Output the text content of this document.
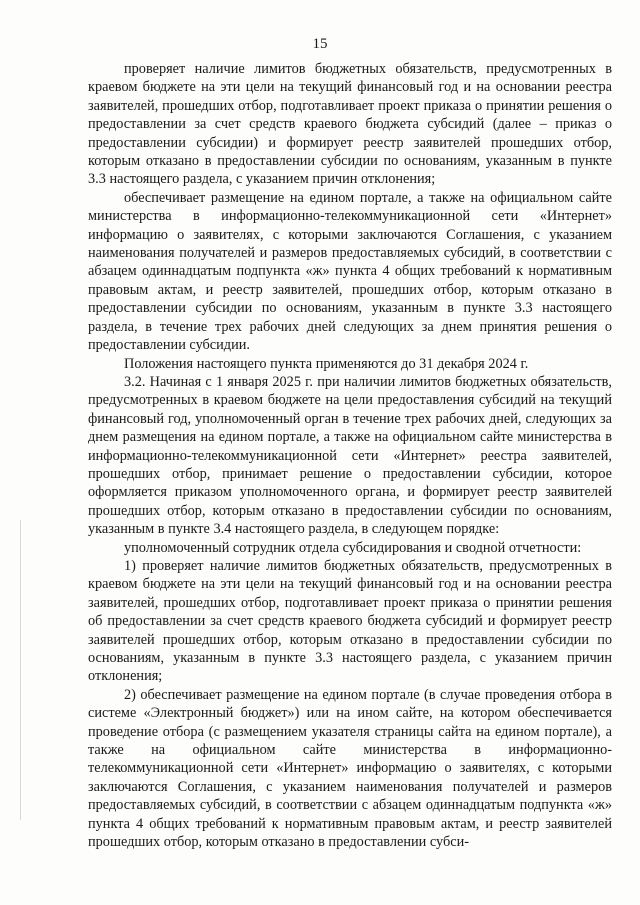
15

проверяет наличие лимитов бюджетных обязательств, предусмотренных в краевом бюджете на эти цели на текущий финансовый год и на основании реестра заявителей, прошедших отбор, подготавливает проект приказа о принятии решения о предоставлении за счет средств краевого бюджета субсидий (далее – приказ о предоставлении субсидии) и формирует реестр заявителей прошедших отбор, которым отказано в предоставлении субсидии по основаниям, указанным в пункте 3.3 настоящего раздела, с указанием причин отклонения;

обеспечивает размещение на едином портале, а также на официальном сайте министерства в информационно-телекоммуникационной сети «Интернет» информацию о заявителях, с которыми заключаются Соглашения, с указанием наименования получателей и размеров предоставляемых субсидий, в соответствии с абзацем одиннадцатым подпункта «ж» пункта 4 общих требований к нормативным правовым актам, и реестр заявителей, прошедших отбор, которым отказано в предоставлении субсидии по основаниям, указанным в пункте 3.3 настоящего раздела, в течение трех рабочих дней следующих за днем принятия решения о предоставлении субсидии.

Положения настоящего пункта применяются до 31 декабря 2024 г.

3.2. Начиная с 1 января 2025 г. при наличии лимитов бюджетных обязательств, предусмотренных в краевом бюджете на цели предоставления субсидий на текущий финансовый год, уполномоченный орган в течение трех рабочих дней, следующих за днем размещения на едином портале, а также на официальном сайте министерства в информационно-телекоммуникационной сети «Интернет» реестра заявителей, прошедших отбор, принимает решение о предоставлении субсидии, которое оформляется приказом уполномоченного органа, и формирует реестр заявителей прошедших отбор, которым отказано в предоставлении субсидии по основаниям, указанным в пункте 3.4 настоящего раздела, в следующем порядке:

уполномоченный сотрудник отдела субсидирования и сводной отчетности:

1) проверяет наличие лимитов бюджетных обязательств, предусмотренных в краевом бюджете на эти цели на текущий финансовый год и на основании реестра заявителей, прошедших отбор, подготавливает проект приказа о принятии решения об предоставлении за счет средств краевого бюджета субсидий и формирует реестр заявителей прошедших отбор, которым отказано в предоставлении субсидии по основаниям, указанным в пункте 3.3 настоящего раздела, с указанием причин отклонения;

2) обеспечивает размещение на едином портале (в случае проведения отбора в системе «Электронный бюджет») или на ином сайте, на котором обеспечивается проведение отбора (с размещением указателя страницы сайта на едином портале), а также на официальном сайте министерства в информационно-телекоммуникационной сети «Интернет» информацию о заявителях, с которыми заключаются Соглашения, с указанием наименования получателей и размеров предоставляемых субсидий, в соответствии с абзацем одиннадцатым подпункта «ж» пункта 4 общих требований к нормативным правовым актам, и реестр заявителей прошедших отбор, которым отказано в предоставлении субси-
